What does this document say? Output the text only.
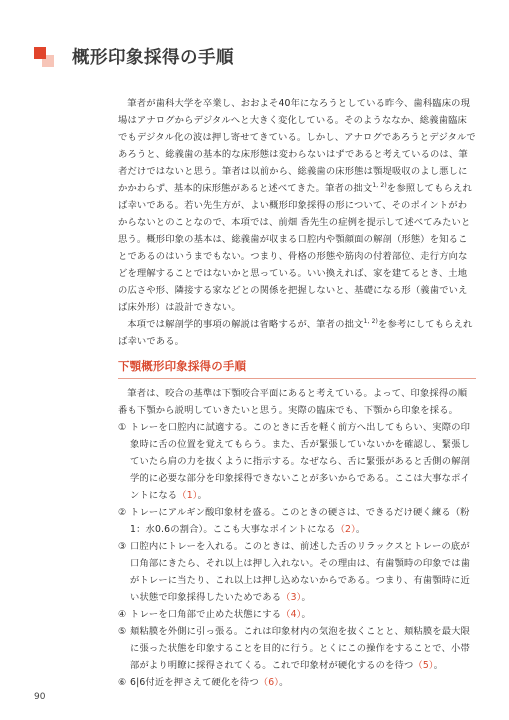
概形印象採得の手順

筆者が歯科大学を卒業し、おおよそ40年になろうとしている昨今、歯科臨床の現場はアナログからデジタルへと大きく変化している。そのようななか、総義歯臨床でもデジタル化の波は押し寄せてきている。しかし、アナログであろうとデジタルであろうと、総義歯の基本的な床形態は変わらないはずであると考えているのは、筆者だけではないと思う。筆者は以前から、総義歯の床形態は顎堤吸収のよし悪しにかかわらず、基本的床形態があると述べてきた。筆者の拙文$^{1, 2)}$を参照してもらえれば幸いである。若い先生方が、よい概形印象採得の形について、そのポイントがわからないとのことなので、本項では、前畑 香先生の症例を提示して述べてみたいと思う。概形印象の基本は、総義歯が収まる口腔内や顎顔面の解剖（形態）を知ることであるのはいうまでもない。つまり、骨格の形態や筋肉の付着部位、走行方向などを理解することではないかと思っている。いい換えれば、家を建てるとき、土地の広さや形、隣接する家などとの関係を把握しないと、基礎になる形（義歯でいえば床外形）は設計できない。

本項では解剖学的事項の解説は省略するが、筆者の拙文$^{1, 2)}$を参考にしてもらえれば幸いである。

下顎概形印象採得の手順

筆者は、咬合の基準は下顎咬合平面にあると考えている。よって、印象採得の順番も下顎から説明していきたいと思う。実際の臨床でも、下顎から印象を採る。

① トレーを口腔内に試適する。このときに舌を軽く前方へ出してもらい、実際の印象時に舌の位置を覚えてもらう。また、舌が緊張していないかを確認し、緊張していたら肩の力を抜くように指示する。なぜなら、舌に緊張があると舌側の解剖学的に必要な部分を印象採得できないことが多いからである。ここは大事なポイントになる（1）。
② トレーにアルギン酸印象材を盛る。このときの硬さは、できるだけ硬く練る（粉1：水0.6の割合）。ここも大事なポイントになる（2）。
③ 口腔内にトレーを入れる。このときは、前述した舌のリラックスとトレーの底が口角部にきたら、それ以上は押し入れない。その理由は、有歯顎時の印象では歯がトレーに当たり、これ以上は押し込めないからである。つまり、有歯顎時に近い状態で印象採得したいためである（3）。
④ トレーを口角部で止めた状態にする（4）。
⑤ 頬粘膜を外側に引っ張る。これは印象材内の気泡を抜くことと、頬粘膜を最大限に張った状態を印象することを目的に行う。とくにこの操作をすることで、小帯部がより明瞭に採得されてくる。これで印象材が硬化するのを待つ（5）。
⑥ 6|6付近を押さえて硬化を待つ（6）。
90
